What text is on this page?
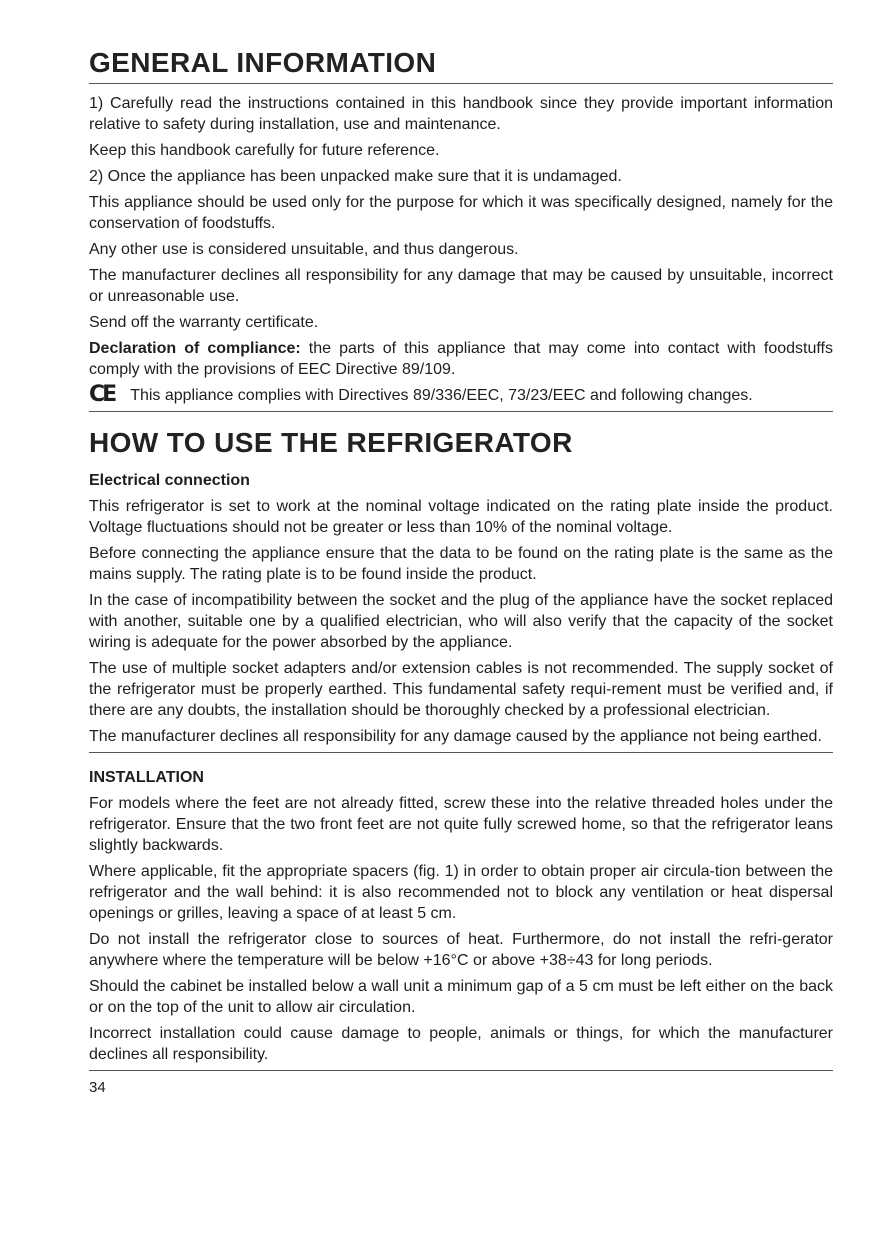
GENERAL INFORMATION

1) Carefully read the instructions contained in this handbook since they provide important information relative to safety during installation, use and maintenance.

Keep this handbook carefully for future reference.

2) Once the appliance has been unpacked make sure that it is undamaged.

This appliance should be used only for the purpose for which it was specifically designed, namely for the conservation of foodstuffs.

Any other use is considered unsuitable, and thus dangerous.

The manufacturer declines all responsibility for any damage that may be caused by unsuitable, incorrect or unreasonable use.

Send off the warranty certificate.

Declaration of compliance: the parts of this appliance that may come into contact with foodstuffs comply with the provisions of EEC Directive 89/109.

CE This appliance complies with Directives 89/336/EEC, 73/23/EEC and following changes.

HOW TO USE THE REFRIGERATOR
Electrical connection

This refrigerator is set to work at the nominal voltage indicated on the rating plate inside the product. Voltage fluctuations should not be greater or less than 10% of the nominal voltage.

Before connecting the appliance ensure that the data to be found on the rating plate is the same as the mains supply. The rating plate is to be found inside the product.

In the case of incompatibility between the socket and the plug of the appliance have the socket replaced with another, suitable one by a qualified electrician, who will also verify that the capacity of the socket wiring is adequate for the power absorbed by the appliance.

The use of multiple socket adapters and/or extension cables is not recommended. The supply socket of the refrigerator must be properly earthed. This fundamental safety requi-rement must be verified and, if there are any doubts, the installation should be thoroughly checked by a professional electrician.

The manufacturer declines all responsibility for any damage caused by the appliance not being earthed.

INSTALLATION

For models where the feet are not already fitted, screw these into the relative threaded holes under the refrigerator. Ensure that the two front feet are not quite fully screwed home, so that the refrigerator leans slightly backwards.

Where applicable, fit the appropriate spacers (fig. 1) in order to obtain proper air circula-tion between the refrigerator and the wall behind: it is also recommended not to block any ventilation or heat dispersal openings or grilles, leaving a space of at least 5 cm.

Do not install the refrigerator close to sources of heat. Furthermore, do not install the refri-gerator anywhere where the temperature will be below +16°C or above +38÷43 for long periods.

Should the cabinet be installed below a wall unit a minimum gap of a 5 cm must be left either on the back or on the top of the unit to allow air circulation.

Incorrect installation could cause damage to people, animals or things, for which the manufacturer declines all responsibility.

34
